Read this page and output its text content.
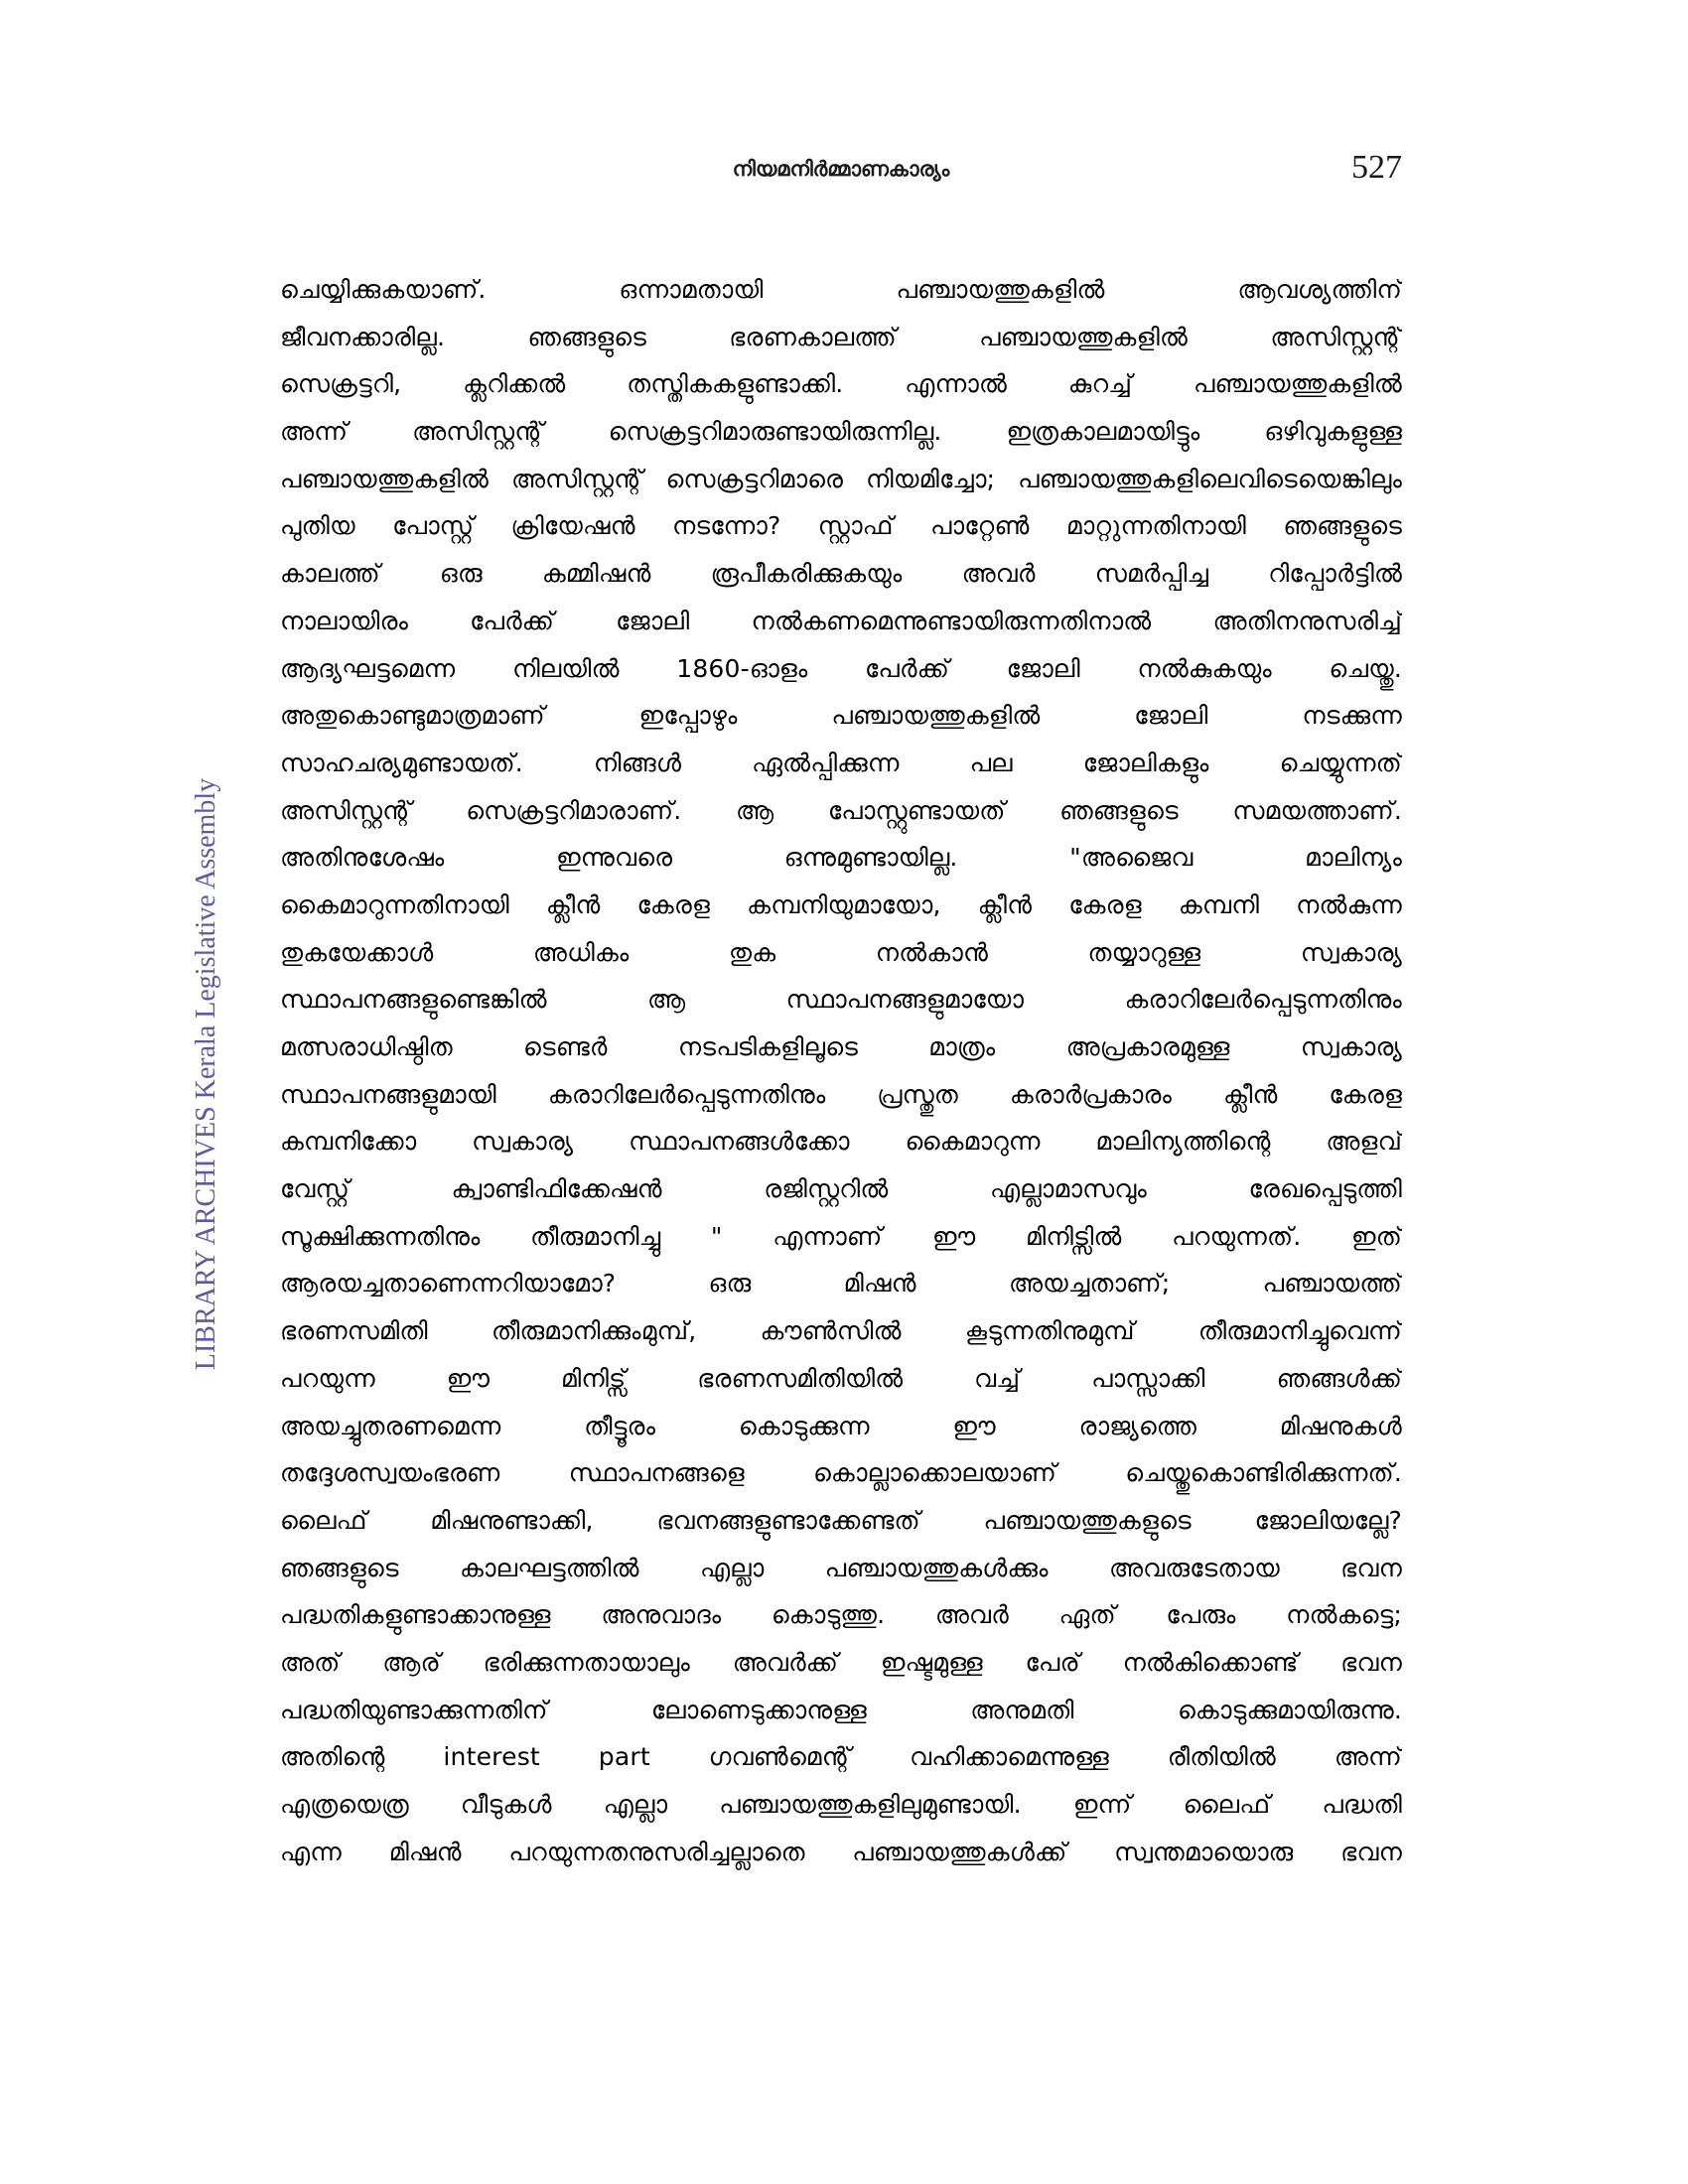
നിയമനിർമ്മാണകാര്യം	527
LIBRARY ARCHIVES Kerala Legislative Assembly
ചെയ്യിക്കുകയാണ്. ഒന്നാമതായി പഞ്ചായത്തുകളിൽ ആവശ്യത്തിന്
ജീവനക്കാരില്ല. ഞങ്ങളുടെ ഭരണകാലത്ത് പഞ്ചായത്തുകളിൽ അസിസ്റ്റന്റ്
സെക്രട്ടറി, ക്ലറിക്കൽ തസ്തികകളുണ്ടാക്കി. എന്നാൽ കുറച്ച് പഞ്ചായത്തുകളിൽ
അന്ന് അസിസ്റ്റന്റ് സെക്രട്ടറിമാരുണ്ടായിരുന്നില്ല. ഇത്രകാലമായിട്ടും ഒഴിവുകളുള്ള
പഞ്ചായത്തുകളിൽ അസിസ്റ്റന്റ് സെക്രട്ടറിമാരെ നിയമിച്ചോ; പഞ്ചായത്തുകളിലെവിടെയെങ്കിലും
പുതിയ പോസ്റ്റ് ക്രിയേഷൻ നടന്നോ? സ്റ്റാഫ് പാറ്റേൺ മാറ്റുന്നതിനായി ഞങ്ങളുടെ
കാലത്ത് ഒരു കമ്മിഷൻ രൂപീകരിക്കുകയും അവർ സമർപ്പിച്ച റിപ്പോർട്ടിൽ
നാലായിരം പേർക്ക് ജോലി നൽകണമെന്നുണ്ടായിരുന്നതിനാൽ അതിനനുസരിച്ച്
ആദ്യഘട്ടമെന്ന നിലയിൽ 1860-ഓളം പേർക്ക് ജോലി നൽകുകയും ചെയ്തു.
അതുകൊണ്ടുമാത്രമാണ് ഇപ്പോഴും പഞ്ചായത്തുകളിൽ ജോലി നടക്കുന്ന
സാഹചര്യമുണ്ടായത്. നിങ്ങൾ ഏൽപ്പിക്കുന്ന പല ജോലികളും ചെയ്യുന്നത്
അസിസ്റ്റന്റ് സെക്രട്ടറിമാരാണ്. ആ പോസ്റ്റുണ്ടായത് ഞങ്ങളുടെ സമയത്താണ്.
അതിനുശേഷം ഇന്നുവരെ ഒന്നുമുണ്ടായില്ല. "അജൈവ മാലിന്യം
കൈമാറുന്നതിനായി ക്ലീൻ കേരള കമ്പനിയുമായോ, ക്ലീൻ കേരള കമ്പനി നൽകുന്ന
തുകയേക്കാൾ അധികം തുക നൽകാൻ തയ്യാറുള്ള സ്വകാര്യ
സ്ഥാപനങ്ങളുണ്ടെങ്കിൽ ആ സ്ഥാപനങ്ങളുമായോ കരാറിലേർപ്പെടുന്നതിനും
മത്സരാധിഷ്ഠിത ടെണ്ടർ നടപടികളിലൂടെ മാത്രം അപ്രകാരമുള്ള സ്വകാര്യ
സ്ഥാപനങ്ങളുമായി കരാറിലേർപ്പെടുന്നതിനും പ്രസ്തുത കരാർപ്രകാരം ക്ലീൻ കേരള
കമ്പനിക്കോ സ്വകാര്യ സ്ഥാപനങ്ങൾക്കോ കൈമാറുന്ന മാലിന്യത്തിന്റെ അളവ്
വേസ്റ്റ് ക്വാണ്ടിഫിക്കേഷൻ രജിസ്റ്ററിൽ എല്ലാമാസവും രേഖപ്പെടുത്തി
സൂക്ഷിക്കുന്നതിനും തീരുമാനിച്ചു " എന്നാണ് ഈ മിനിട്സിൽ പറയുന്നത്. ഇത്
ആരയച്ചതാണെന്നറിയാമോ? ഒരു മിഷൻ അയച്ചതാണ്; പഞ്ചായത്ത്
ഭരണസമിതി തീരുമാനിക്കുംമുമ്പ്, കൗൺസിൽ കൂടുന്നതിനുമുമ്പ് തീരുമാനിച്ചുവെന്ന്
പറയുന്ന ഈ മിനിട്സ് ഭരണസമിതിയിൽ വച്ച് പാസ്സാക്കി ഞങ്ങൾക്ക്
അയച്ചുതരണമെന്ന തീട്ടൂരം കൊടുക്കുന്ന ഈ രാജ്യത്തെ മിഷനുകൾ
തദ്ദേശസ്വയംഭരണ സ്ഥാപനങ്ങളെ കൊല്ലാക്കൊലയാണ് ചെയ്തുകൊണ്ടിരിക്കുന്നത്.
ലൈഫ് മിഷനുണ്ടാക്കി, ഭവനങ്ങളുണ്ടാക്കേണ്ടത് പഞ്ചായത്തുകളുടെ ജോലിയല്ലേ?
ഞങ്ങളുടെ കാലഘട്ടത്തിൽ എല്ലാ പഞ്ചായത്തുകൾക്കും അവരുടേതായ ഭവന
പദ്ധതികളുണ്ടാക്കാനുള്ള അനുവാദം കൊടുത്തു. അവർ ഏത് പേരും നൽകട്ടെ;
അത് ആര് ഭരിക്കുന്നതായാലും അവർക്ക് ഇഷ്ടമുള്ള പേര് നൽകിക്കൊണ്ട് ഭവന
പദ്ധതിയുണ്ടാക്കുന്നതിന് ലോണെടുക്കാനുള്ള അനുമതി കൊടുക്കുമായിരുന്നു.
അതിന്റെ interest part ഗവൺമെന്റ് വഹിക്കാമെന്നുള്ള രീതിയിൽ അന്ന്
എത്രയെത്ര വീടുകൾ എല്ലാ പഞ്ചായത്തുകളിലുമുണ്ടായി. ഇന്ന് ലൈഫ് പദ്ധതി
എന്ന മിഷൻ പറയുന്നതനുസരിച്ചല്ലാതെ പഞ്ചായത്തുകൾക്ക് സ്വന്തമായൊരു ഭവന
